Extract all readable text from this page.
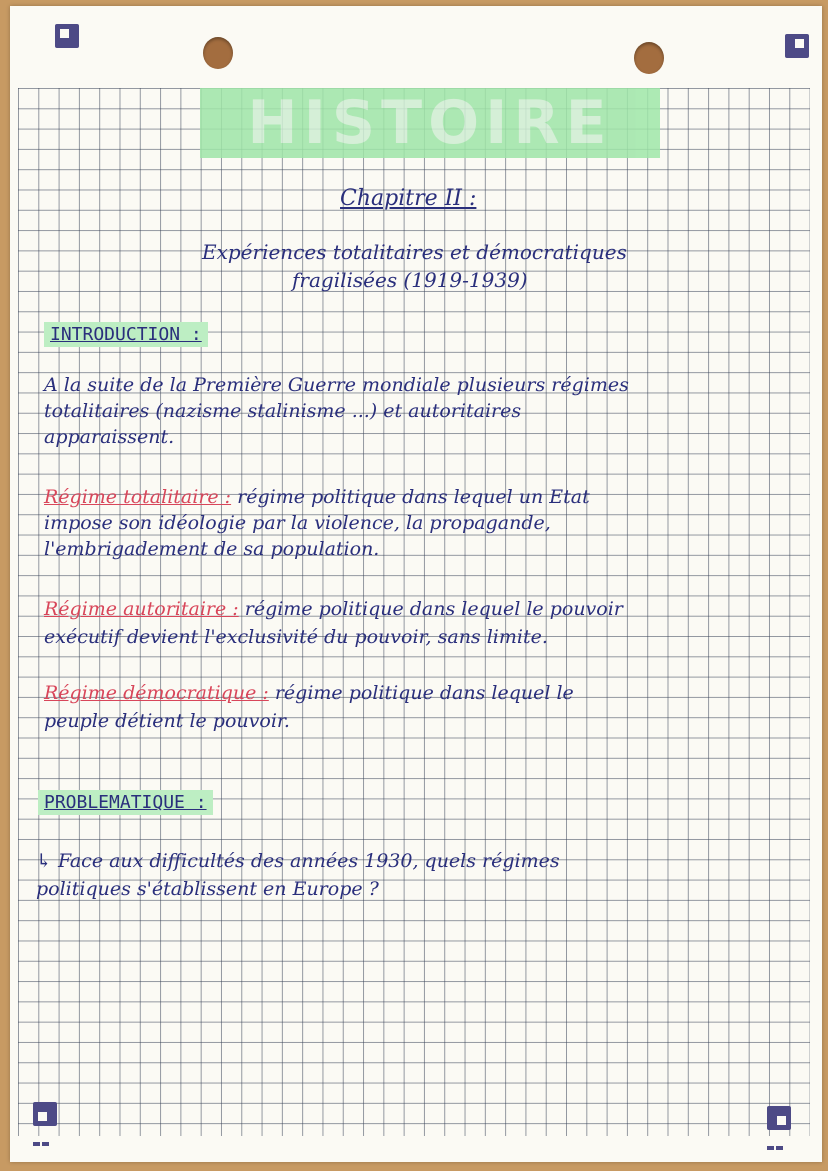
HISTOIRE
Chapitre II :
Expériences totalitaires et démocratiques
fragilisées (1919-1939)
INTRODUCTION :
A la suite de la Première Guerre mondiale plusieurs régimes
totalitaires (nazisme stalinisme ...) et autoritaires
apparaissent.
Régime totalitaire : régime politique dans lequel un Etat
impose son idéologie par la violence, la propagande,
l'embrigadement de sa population.
Régime autoritaire : régime politique dans lequel le pouvoir
exécutif devient l'exclusivité du pouvoir, sans limite.
Régime démocratique : régime politique dans lequel le
peuple détient le pouvoir.
PROBLEMATIQUE :
↳ Face aux difficultés des années 1930, quels régimes
politiques s'établissent en Europe ?
